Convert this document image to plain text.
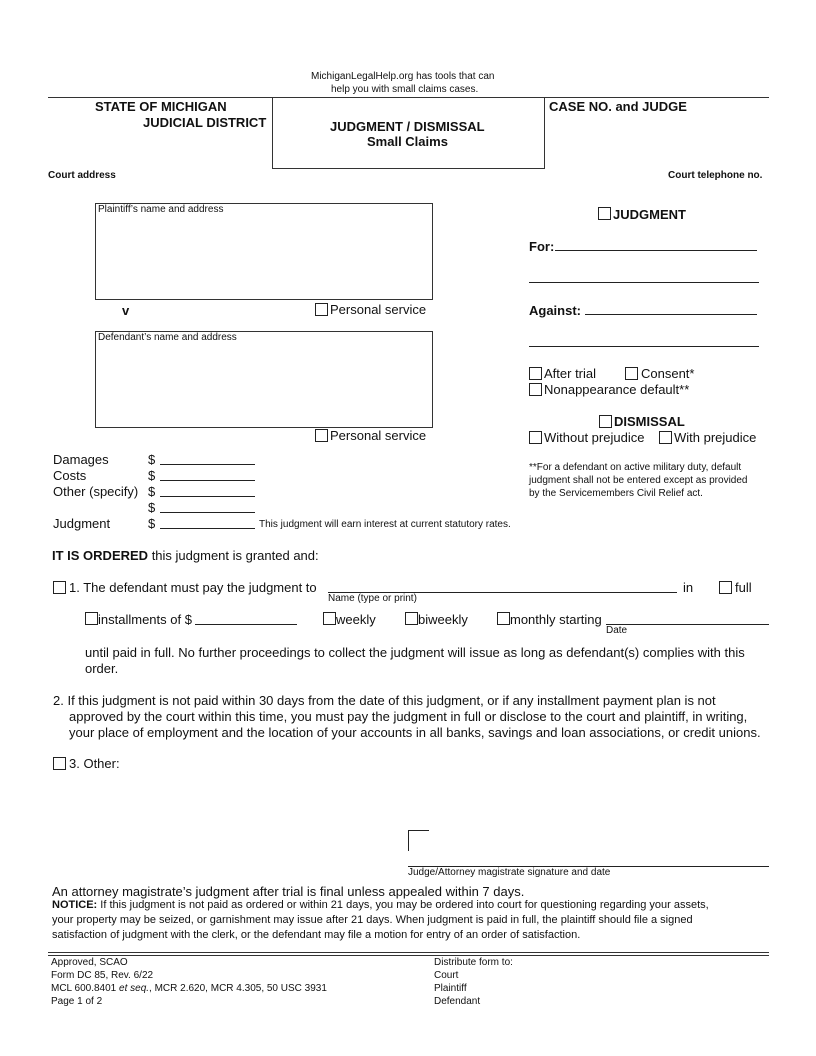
MichiganLegalHelp.org has tools that can
help you with small claims cases.
STATE OF MICHIGAN
JUDICIAL DISTRICT	JUDGMENT / DISMISSAL
Small Claims
CASE NO. and JUDGE
Court address	Court telephone no.
Plaintiff’s name and address
v	Personal service
Defendant’s name and address
Personal service
JUDGMENT
For:
Against:
After trial	Consent*
Nonappearance default**
DISMISSAL
Without prejudice With prejudice
**For a defendant on active military duty, default
judgment shall not be entered except as provided
by the Servicemembers Civil Relief act.
Damages	$
Costs	$
Other (specify) $
$
Judgment	$	This judgment will earn interest at current statutory rates.
IT IS ORDERED this judgment is granted and:
1. The defendant must pay the judgment to
Name (type or print)
in	full
installments of $	weekly	biweekly	monthly starting
Date
until paid in full. No further proceedings to collect the judgment will issue as long as defendant(s) complies with this
order.
2. If this judgment is not paid within 30 days from the date of this judgment, or if any installment payment plan is not
approved by the court within this time, you must pay the judgment in full or disclose to the court and plaintiff, in writing,
your place of employment and the location of your accounts in all banks, savings and loan associations, or credit unions.
3. Other:
Judge/Attorney magistrate signature and date
An attorney magistrate’s judgment after trial is final unless appealed within 7 days.
NOTICE: If this judgment is not paid as ordered or within 21 days, you may be ordered into court for questioning regarding your assets,
your property may be seized, or garnishment may issue after 21 days. When judgment is paid in full, the plaintiff should file a signed
satisfaction of judgment with the clerk, or the defendant may file a motion for entry of an order of satisfaction.
Approved, SCAO
Form DC 85, Rev. 6/22
MCL 600.8401 et seq., MCR 2.620, MCR 4.305, 50 USC 3931
Page 1 of 2
Distribute form to:
Court
Plaintiff
Defendant
